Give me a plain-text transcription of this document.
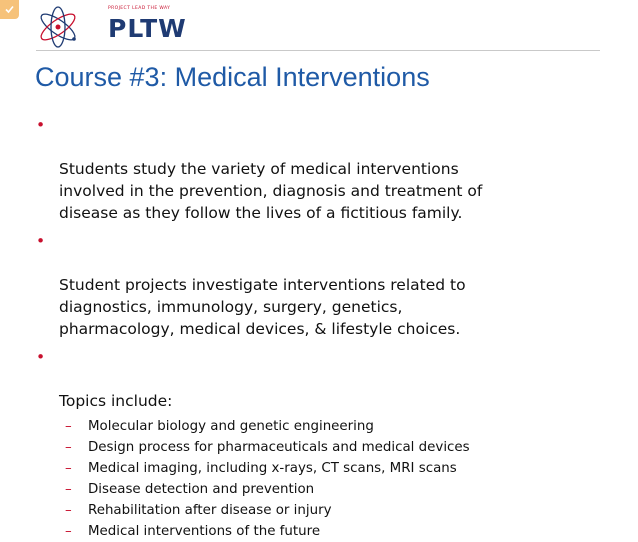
PROJECT LEAD THE WAY
PLTW
Course #3: Medical Interventions

•

Students study the variety of medical interventions
involved in the prevention, diagnosis and treatment of
disease as they follow the lives of a fictitious family.

•

Student projects investigate interventions related to
diagnostics, immunology, surgery, genetics,
pharmacology, medical devices, & lifestyle choices.

•

Topics include:

– Molecular biology and genetic engineering
– Design process for pharmaceuticals and medical devices
– Medical imaging, including x-rays, CT scans, MRI scans
– Disease detection and prevention
– Rehabilitation after disease or injury
– Medical interventions of the future
